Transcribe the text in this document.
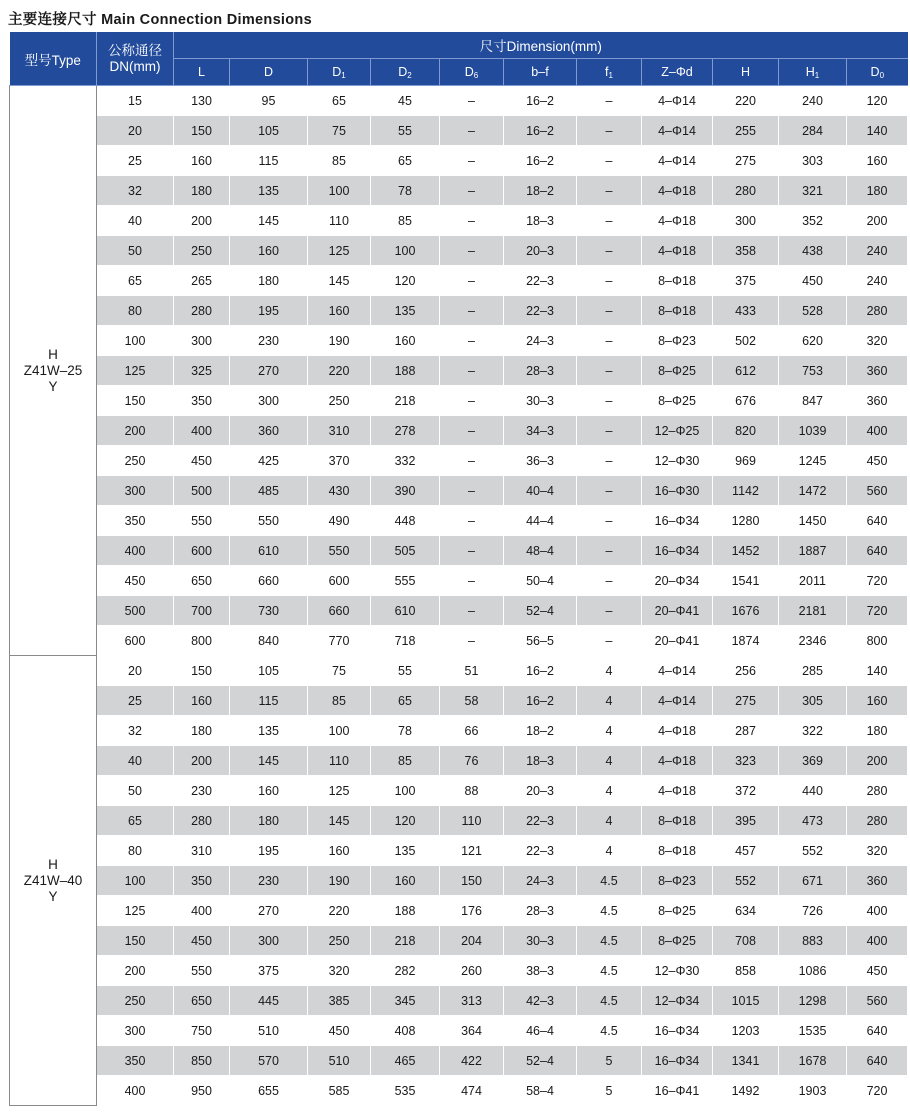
主要连接尺寸 Main Connection Dimensions
型号Type	公称通径
DN(mm)	尺寸Dimension(mm)										
		L	D	$D_1$	$D_2$	$D_6$	b–f	$f_1$	Z–Φd	H	$H_1$	$D_0$
H
Z41W–25
Y	15	130	95	65	45	–	16–2	–	4–Φ14	220	240	120
	20	150	105	75	55	–	16–2	–	4–Φ14	255	284	140
	25	160	115	85	65	–	16–2	–	4–Φ14	275	303	160
	32	180	135	100	78	–	18–2	–	4–Φ18	280	321	180
	40	200	145	110	85	–	18–3	–	4–Φ18	300	352	200
	50	250	160	125	100	–	20–3	–	4–Φ18	358	438	240
	65	265	180	145	120	–	22–3	–	8–Φ18	375	450	240
	80	280	195	160	135	–	22–3	–	8–Φ18	433	528	280
	100	300	230	190	160	–	24–3	–	8–Φ23	502	620	320
	125	325	270	220	188	–	28–3	–	8–Φ25	612	753	360
	150	350	300	250	218	–	30–3	–	8–Φ25	676	847	360
	200	400	360	310	278	–	34–3	–	12–Φ25	820	1039	400
	250	450	425	370	332	–	36–3	–	12–Φ30	969	1245	450
	300	500	485	430	390	–	40–4	–	16–Φ30	1142	1472	560
	350	550	550	490	448	–	44–4	–	16–Φ34	1280	1450	640
	400	600	610	550	505	–	48–4	–	16–Φ34	1452	1887	640
	450	650	660	600	555	–	50–4	–	20–Φ34	1541	2011	720
	500	700	730	660	610	–	52–4	–	20–Φ41	1676	2181	720
	600	800	840	770	718	–	56–5	–	20–Φ41	1874	2346	800
H
Z41W–40
Y	20	150	105	75	55	51	16–2	4	4–Φ14	256	285	140
	25	160	115	85	65	58	16–2	4	4–Φ14	275	305	160
	32	180	135	100	78	66	18–2	4	4–Φ18	287	322	180
	40	200	145	110	85	76	18–3	4	4–Φ18	323	369	200
	50	230	160	125	100	88	20–3	4	4–Φ18	372	440	280
	65	280	180	145	120	110	22–3	4	8–Φ18	395	473	280
	80	310	195	160	135	121	22–3	4	8–Φ18	457	552	320
	100	350	230	190	160	150	24–3	4.5	8–Φ23	552	671	360
	125	400	270	220	188	176	28–3	4.5	8–Φ25	634	726	400
	150	450	300	250	218	204	30–3	4.5	8–Φ25	708	883	400
	200	550	375	320	282	260	38–3	4.5	12–Φ30	858	1086	450
	250	650	445	385	345	313	42–3	4.5	12–Φ34	1015	1298	560
	300	750	510	450	408	364	46–4	4.5	16–Φ34	1203	1535	640
	350	850	570	510	465	422	52–4	5	16–Φ34	1341	1678	640
	400	950	655	585	535	474	58–4	5	16–Φ41	1492	1903	720
